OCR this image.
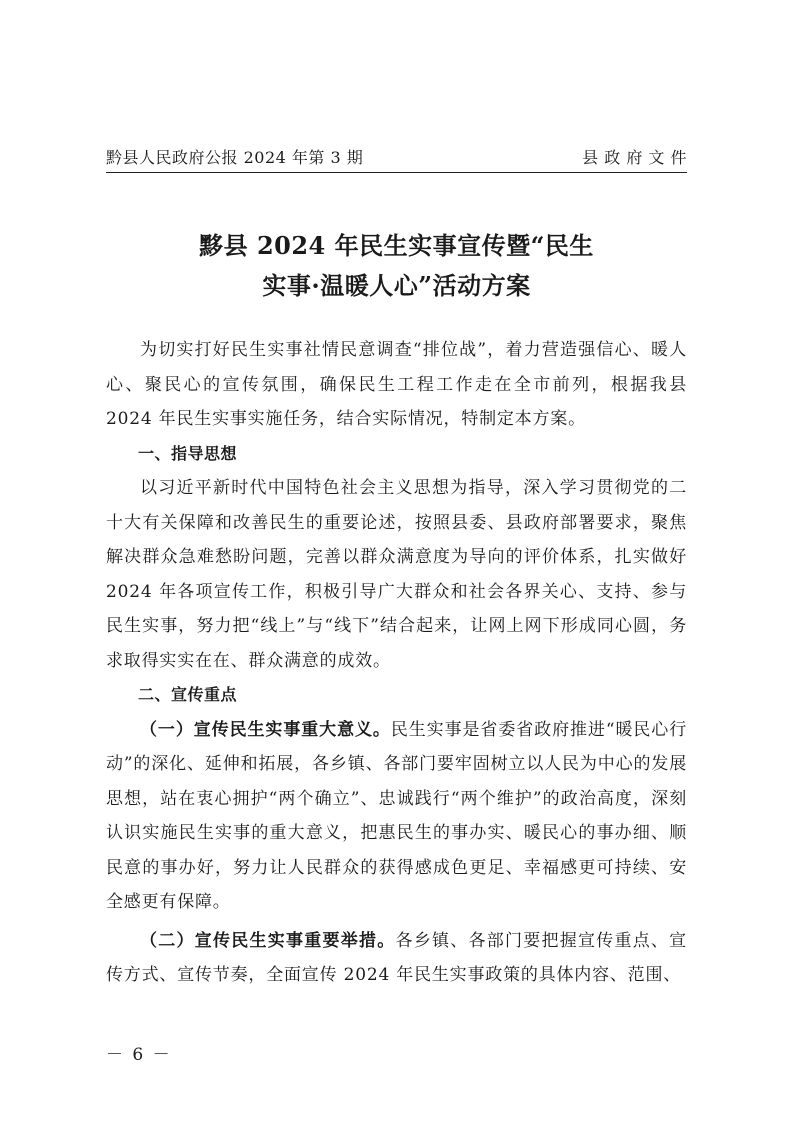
黔县人民政府公报 2024 年第 3 期	县 政 府 文 件
黟县 2024 年民生实事宣传暨“民生
实事·温暖人心”活动方案

为切实打好民生实事社情民意调查“排位战”，着力营造强信心、暖人心、聚民心的宣传氛围，确保民生工程工作走在全市前列，根据我县 2024 年民生实事实施任务，结合实际情况，特制定本方案。

一、指导思想

以习近平新时代中国特色社会主义思想为指导，深入学习贯彻党的二十大有关保障和改善民生的重要论述，按照县委、县政府部署要求，聚焦解决群众急难愁盼问题，完善以群众满意度为导向的评价体系，扎实做好 2024 年各项宣传工作，积极引导广大群众和社会各界关心、支持、参与民生实事，努力把“线上”与“线下”结合起来，让网上网下形成同心圆，务求取得实实在在、群众满意的成效。

二、宣传重点

（一）宣传民生实事重大意义。民生实事是省委省政府推进“暖民心行动”的深化、延伸和拓展，各乡镇、各部门要牢固树立以人民为中心的发展思想，站在衷心拥护“两个确立”、忠诚践行“两个维护”的政治高度，深刻认识实施民生实事的重大意义，把惠民生的事办实、暖民心的事办细、顺民意的事办好，努力让人民群众的获得感成色更足、幸福感更可持续、安全感更有保障。

（二）宣传民生实事重要举措。各乡镇、各部门要把握宣传重点、宣传方式、宣传节奏，全面宣传 2024 年民生实事政策的具体内容、范围、

－ 6 －
